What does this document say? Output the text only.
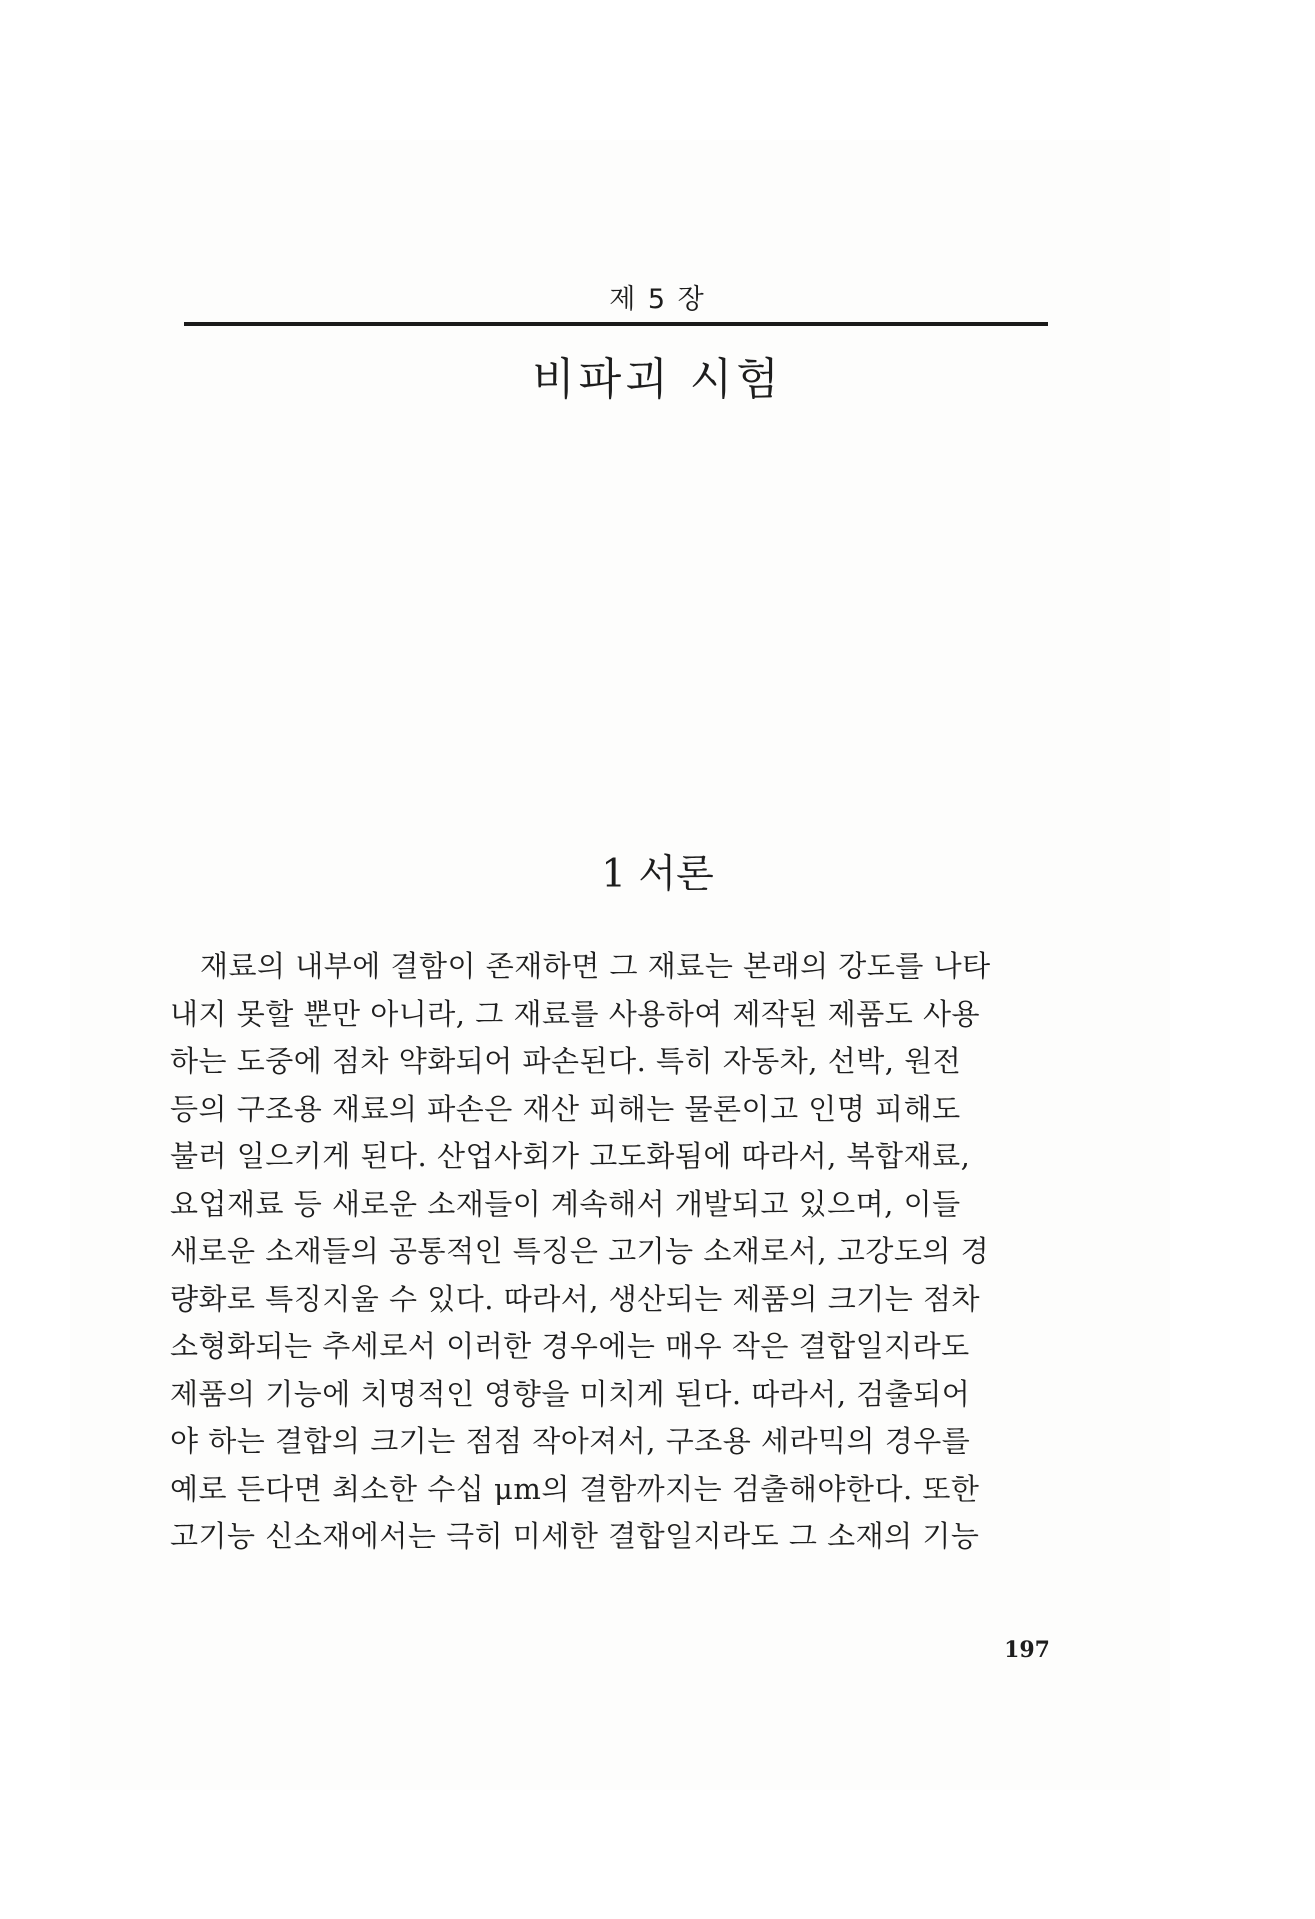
제 5 장
비파괴 시험
1 서론
재료의 내부에 결함이 존재하면 그 재료는 본래의 강도를 나타
내지 못할 뿐만 아니라, 그 재료를 사용하여 제작된 제품도 사용
하는 도중에 점차 약화되어 파손된다. 특히 자동차, 선박, 원전
등의 구조용 재료의 파손은 재산 피해는 물론이고 인명 피해도
불러 일으키게 된다. 산업사회가 고도화됨에 따라서, 복합재료,
요업재료 등 새로운 소재들이 계속해서 개발되고 있으며, 이들
새로운 소재들의 공통적인 특징은 고기능 소재로서, 고강도의 경
량화로 특징지울 수 있다. 따라서, 생산되는 제품의 크기는 점차
소형화되는 추세로서 이러한 경우에는 매우 작은 결합일지라도
제품의 기능에 치명적인 영향을 미치게 된다. 따라서, 검출되어
야 하는 결합의 크기는 점점 작아져서, 구조용 세라믹의 경우를
예로 든다면 최소한 수십 μm의 결함까지는 검출해야한다. 또한
고기능 신소재에서는 극히 미세한 결합일지라도 그 소재의 기능
197
